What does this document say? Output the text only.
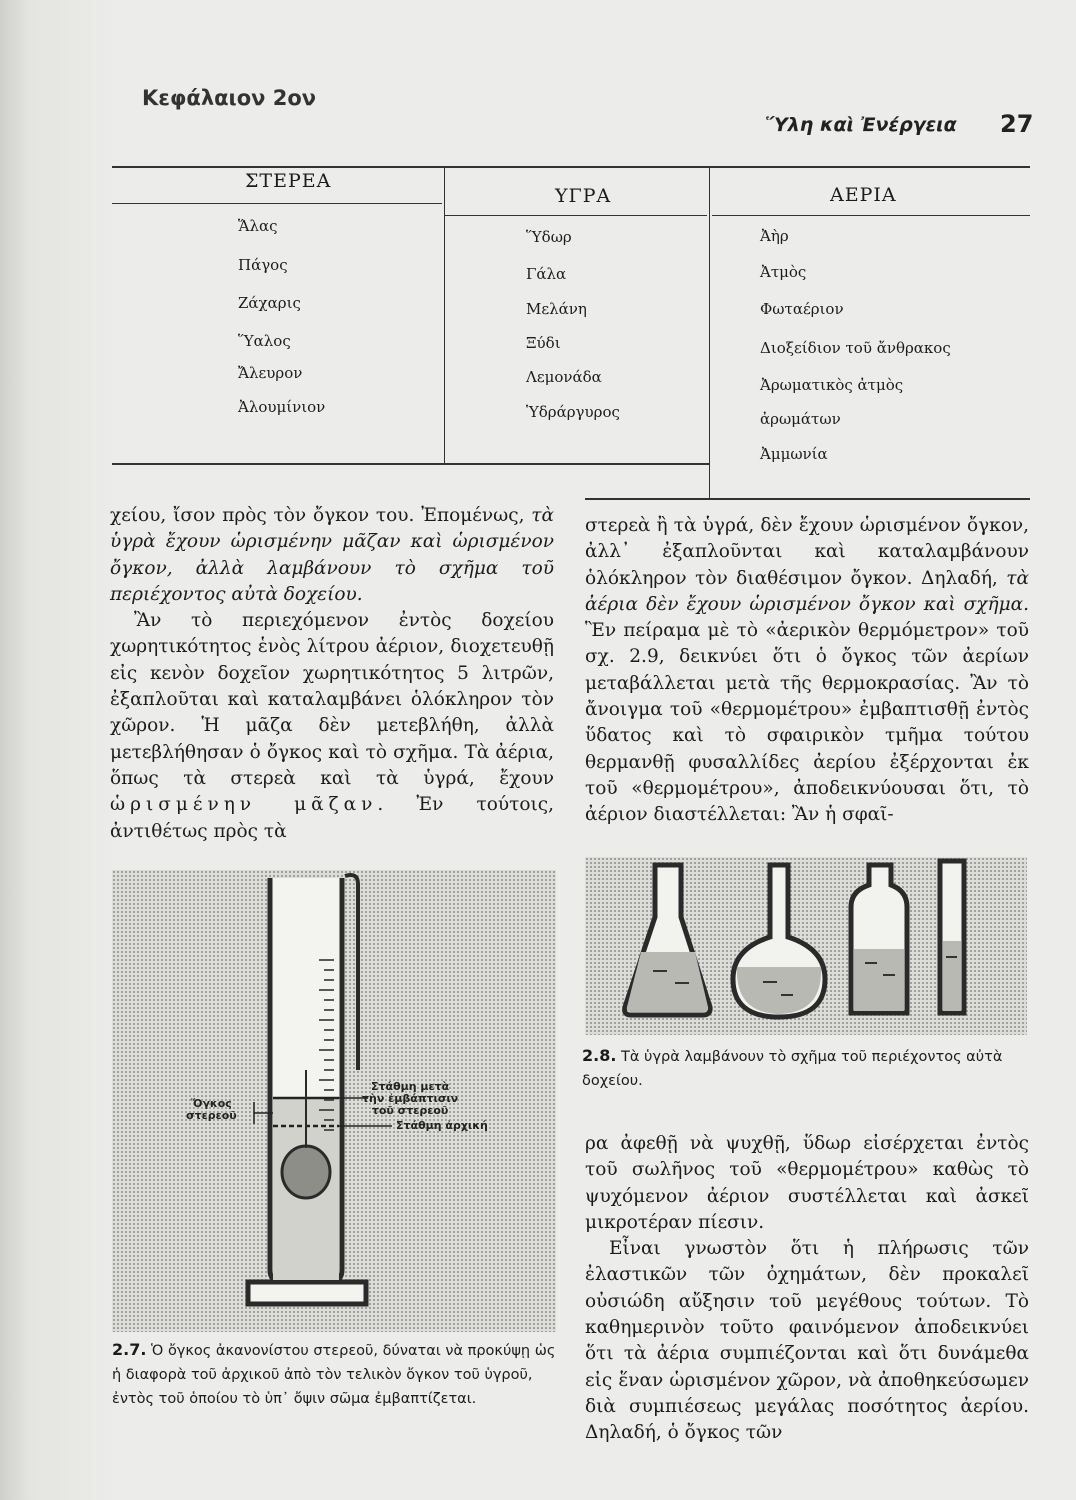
Κεφάλαιον 2ον
Ὕλη καὶ Ἐνέργεια 27
ΣΤΕΡΕΑ
ΥΓΡΑ	ΑΕΡΙΑ
Ἅλας
Πάγος
Ζάχαρις
Ὕαλος
Ἄλευρον
Ἀλουμίνιον
Ὕδωρ
Γάλα
Μελάνη
Ξύδι
Λεμονάδα
Ὑδράργυρος
Ἀὴρ
Ἀτμὸς
Φωταέριον
Διοξείδιον τοῦ ἄνθρακος
Ἀρωματικὸς ἀτμὸς
ἀρωμάτων
Ἀμμωνία

χείου, ἴσον πρὸς τὸν ὄγκον του. Ἐπομένως, τὰ ὑγρὰ ἔχουν ὡρισμένην μᾶζαν καὶ ὡρισμένον ὄγκον, ἀλλὰ λαμβάνουν τὸ σχῆμα τοῦ περιέχοντος αὐτὰ δοχείου.

Ἂν τὸ περιεχόμενον ἐντὸς δοχείου χωρητικότητος ἑνὸς λίτρου ἀέριον, διοχετευθῇ εἰς κενὸν δοχεῖον χωρητικότητος 5 λιτρῶν, ἐξαπλοῦται καὶ καταλαμβάνει ὁλόκληρον τὸν χῶρον. Ἡ μᾶζα δὲν μετεβλήθη, ἀλλὰ μετεβλήθησαν ὁ ὄγκος καὶ τὸ σχῆμα. Τὰ ἀέρια, ὅπως τὰ στερεὰ καὶ τὰ ὑγρά, ἔχουν ὡρισμένην μᾶζαν. Ἐν τούτοις, ἀντιθέτως πρὸς τὰ

στερεὰ ἢ τὰ ὑγρά, δὲν ἔχουν ὡρισμένον ὄγκον, ἀλλ᾽ ἐξαπλοῦνται καὶ καταλαμβάνουν ὁλόκληρον τὸν διαθέσιμον ὄγκον. Δηλαδή, τὰ ἀέρια δὲν ἔχουν ὡρισμένον ὄγκον καὶ σχῆμα. Ἓν πείραμα μὲ τὸ «ἀερικὸν θερμόμετρον» τοῦ σχ. 2.9, δεικνύει ὅτι ὁ ὄγκος τῶν ἀερίων μεταβάλλεται μετὰ τῆς θερμοκρασίας. Ἂν τὸ ἄνοιγμα τοῦ «θερμομέτρου» ἐμβαπτισθῇ ἐντὸς ὕδατος καὶ τὸ σφαιρικὸν τμῆμα τούτου θερμανθῇ φυσαλλίδες ἀερίου ἐξέρχονται ἐκ τοῦ «θερμομέτρου», ἀποδεικνύουσαι ὅτι, τὸ ἀέριον διαστέλλεται: Ἂν ἡ σφαῖ-

2.8. Τὰ ὑγρὰ λαμβάνουν τὸ σχῆμα τοῦ περιέχοντος αὐτὰ δοχείου.

ρα ἀφεθῇ νὰ ψυχθῇ, ὕδωρ εἰσέρχεται ἐντὸς τοῦ σωλῆνος τοῦ «θερμομέτρου» καθὼς τὸ ψυχόμενον ἀέριον συστέλλεται καὶ ἀσκεῖ μικροτέραν πίεσιν.

Εἶναι γνωστὸν ὅτι ἡ πλήρωσις τῶν ἐλαστικῶν τῶν ὀχημάτων, δὲν προκαλεῖ οὐσιώδη αὔξησιν τοῦ μεγέθους τούτων. Τὸ καθημερινὸν τοῦτο φαινόμενον ἀποδεικνύει ὅτι τὰ ἀέρια συμπιέζονται καὶ ὅτι δυνάμεθα εἰς ἕναν ὡρισμένον χῶρον, νὰ ἀποθηκεύσωμεν διὰ συμπιέσεως μεγάλας ποσότητος ἀερίου. Δηλαδή, ὁ ὄγκος τῶν

Στάθμη μετὰ
τὴν ἐμβάπτισιν
τοῦ στερεοῦ
Στάθμη ἀρχική
Ὄγκος
στερεοῦ
2.7. Ὁ ὄγκος ἀκανονίστου στερεοῦ, δύναται νὰ προκύψῃ ὡς ἡ διαφορὰ τοῦ ἀρχικοῦ ἀπὸ τὸν τελικὸν ὄγκον τοῦ ὑγροῦ, ἐντὸς τοῦ ὁποίου τὸ ὑπ᾽ ὄψιν σῶμα ἐμβαπτίζεται.
